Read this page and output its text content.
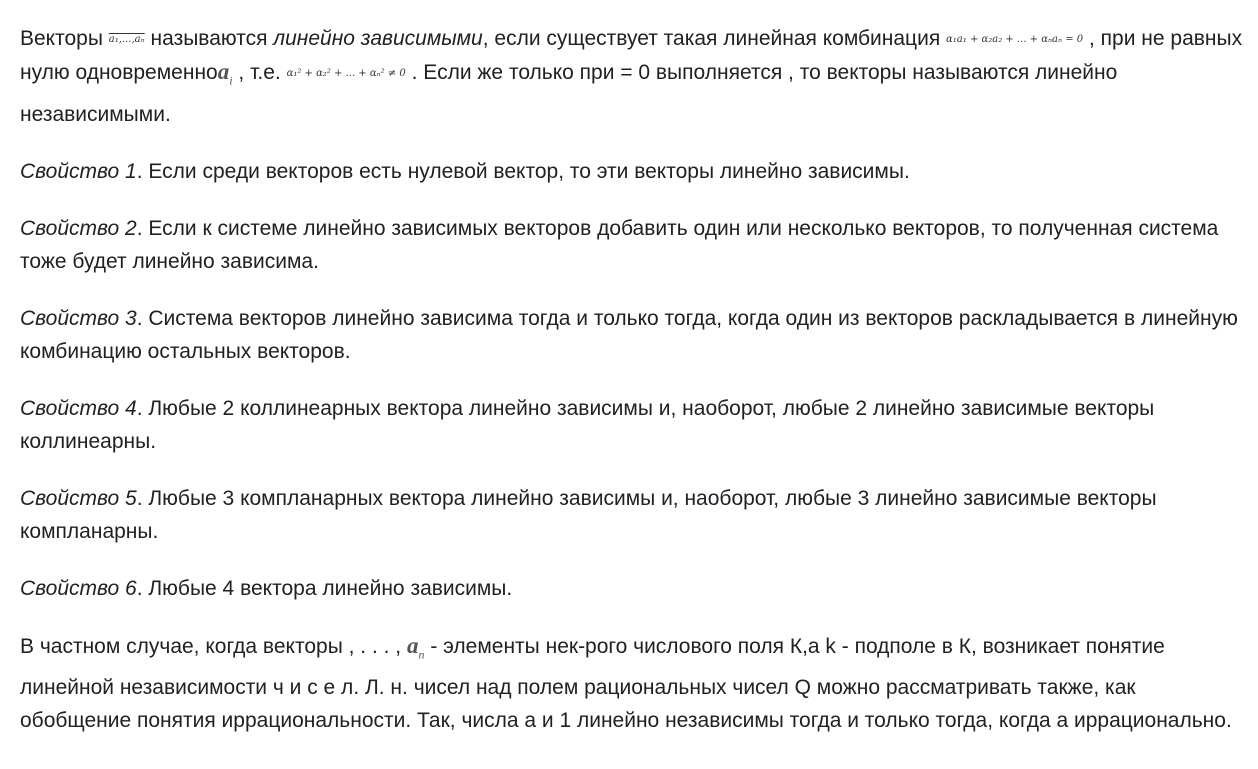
Векторы a₁,...,aₙ называются линейно зависимыми, если существует такая линейная комбинация α₁a₁ + α₂a₂ + ... + αₙaₙ = 0 , при не равных нулю одновременноa$_i$ , т.е. α₁² + α₂² + ... + αₙ² ≠ 0 . Если же только при = 0 выполняется , то векторы называются линейно независимыми.

Свойство 1. Если среди векторов есть нулевой вектор, то эти векторы линейно зависимы.

Свойство 2. Если к системе линейно зависимых векторов добавить один или несколько векторов, то полученная система тоже будет линейно зависима.

Свойство 3. Система векторов линейно зависима тогда и только тогда, когда один из векторов раскладывается в линейную комбинацию остальных векторов.

Свойство 4. Любые 2 коллинеарных вектора линейно зависимы и, наоборот, любые 2 линейно зависимые векторы коллинеарны.

Свойство 5. Любые 3 компланарных вектора линейно зависимы и, наоборот, любые 3 линейно зависимые векторы компланарны.

Свойство 6. Любые 4 вектора линейно зависимы.

В частном случае, когда векторы , . . . , $a_n$ - элементы нек-рого числового поля К,а k - подполе в К, возникает понятие линейной независимости ч и с е л. Л. н. чисел над полем рациональных чисел Q можно рассматривать также, как обобщение понятия иррациональности. Так, числа a и 1 линейно независимы тогда и только тогда, когда a иррационально.
